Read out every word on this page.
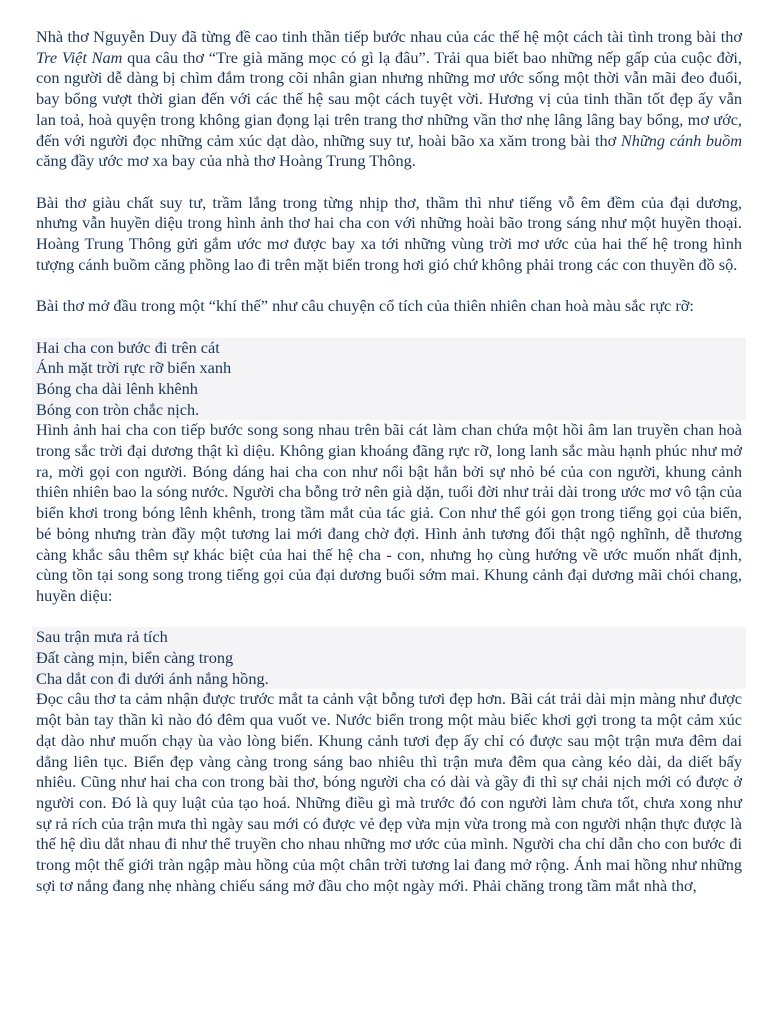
Nhà thơ Nguyễn Duy đã từng đề cao tinh thần tiếp bước nhau của các thế hệ một cách tài tình trong bài thơ Tre Việt Nam qua câu thơ “Tre già măng mọc có gì lạ đâu”. Trải qua biết bao những nếp gấp của cuộc đời, con người dễ dàng bị chìm đắm trong cõi nhân gian nhưng những mơ ước sống một thời vẫn mãi đeo đuổi, bay bổng vượt thời gian đến với các thế hệ sau một cách tuyệt vời. Hương vị của tinh thần tốt đẹp ấy vẫn lan toả, hoà quyện trong không gian đọng lại trên trang thơ những vần thơ nhẹ lâng lâng bay bổng, mơ ước, đến với người đọc những cảm xúc dạt dào, những suy tư, hoài bão xa xăm trong bài thơ Những cánh buồm căng đầy ước mơ xa bay của nhà thơ Hoàng Trung Thông.

Bài thơ giàu chất suy tư, trầm lắng trong từng nhịp thơ, thầm thì như tiếng vỗ êm đềm của đại dương, nhưng vẫn huyền diệu trong hình ảnh thơ hai cha con với những hoài bão trong sáng như một huyền thoại. Hoàng Trung Thông gửi gắm ước mơ được bay xa tới những vùng trời mơ ước của hai thế hệ trong hình tượng cánh buồm căng phồng lao đi trên mặt biển trong hơi gió chứ không phải trong các con thuyền đồ sộ.

Bài thơ mở đầu trong một “khí thế” như câu chuyện cổ tích của thiên nhiên chan hoà màu sắc rực rỡ:

Hai cha con bước đi trên cát
Ánh mặt trời rực rỡ biển xanh
Bóng cha dài lênh khênh
Bóng con tròn chắc nịch.

Hình ảnh hai cha con tiếp bước song song nhau trên bãi cát làm chan chứa một hồi âm lan truyền chan hoà trong sắc trời đại dương thật kì diệu. Không gian khoáng đãng rực rỡ, long lanh sắc màu hạnh phúc như mở ra, mời gọi con người. Bóng dáng hai cha con như nổi bật hẳn bởi sự nhỏ bé của con người, khung cảnh thiên nhiên bao la sóng nước. Người cha bỗng trở nên già dặn, tuổi đời như trải dài trong ước mơ vô tận của biển khơi trong bóng lênh khênh, trong tầm mắt của tác giả. Con như thể gói gọn trong tiếng gọi của biển, bé bỏng nhưng tràn đầy một tương lai mới đang chờ đợi. Hình ảnh tương đối thật ngộ nghĩnh, dễ thương càng khắc sâu thêm sự khác biệt của hai thế hệ cha - con, nhưng họ cùng hướng về ước muốn nhất định, cùng tồn tại song song trong tiếng gọi của đại dương buổi sớm mai. Khung cảnh đại dương mãi chói chang, huyền diệu:

Sau trận mưa rả tích
Đất càng mịn, biển càng trong
Cha dắt con đi dưới ánh nắng hồng.

Đọc câu thơ ta cảm nhận được trước mắt ta cảnh vật bỗng tươi đẹp hơn. Bãi cát trải dài mịn màng như được một bàn tay thần kì nào đó đêm qua vuốt ve. Nước biển trong một màu biếc khơi gợi trong ta một cảm xúc dạt dào như muốn chạy ùa vào lòng biển. Khung cảnh tươi đẹp ấy chỉ có được sau một trận mưa đêm dai dẳng liên tục. Biển đẹp vàng càng trong sáng bao nhiêu thì trận mưa đêm qua càng kéo dài, da diết bấy nhiêu. Cũng như hai cha con trong bài thơ, bóng người cha có dài và gầy đi thì sự chải nịch mới có được ở người con. Đó là quy luật của tạo hoá. Những điều gì mà trước đó con người làm chưa tốt, chưa xong như sự rả rích của trận mưa thì ngày sau mới có được vẻ đẹp vừa mịn vừa trong mà con người nhận thực được là thế hệ dìu dắt nhau đi như thể truyền cho nhau những mơ ước của mình. Người cha chỉ dẫn cho con bước đi trong một thế giới tràn ngập màu hồng của một chân trời tương lai đang mở rộng. Ánh mai hồng như những sợi tơ nắng đang nhẹ nhàng chiếu sáng mở đầu cho một ngày mới. Phải chăng trong tầm mắt nhà thơ,
